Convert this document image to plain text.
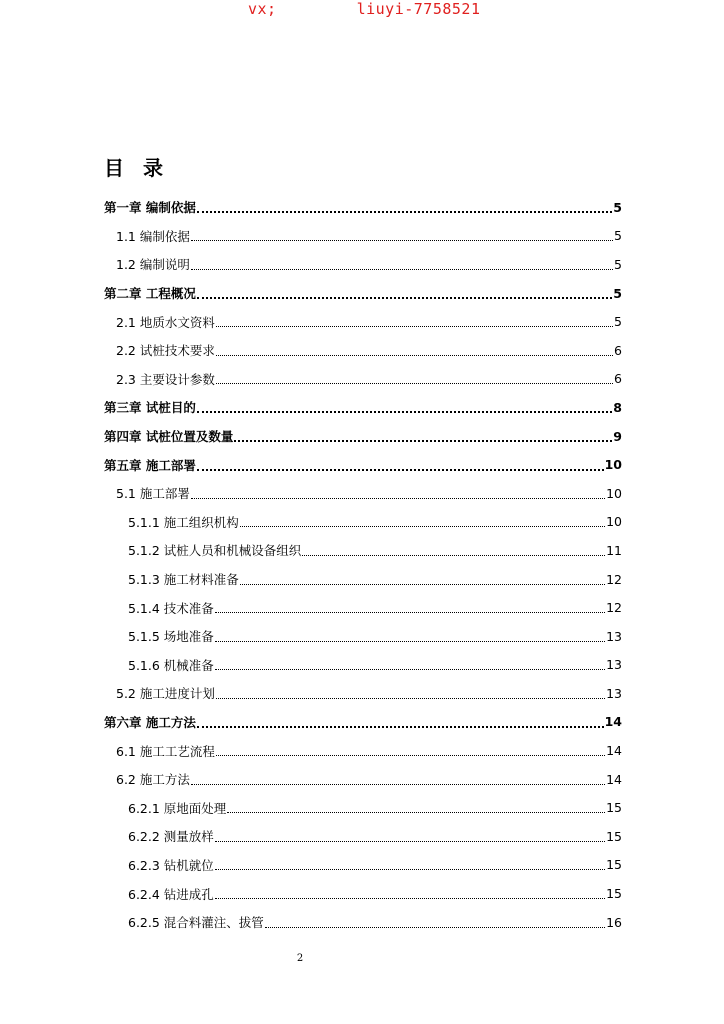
vx;	liuyi-7758521
目 录
第一章 编制依据	5
1.1 编制依据	5
1.2 编制说明	5
第二章 工程概况	5
2.1 地质水文资料	5
2.2 试桩技术要求	6
2.3 主要设计参数	6
第三章 试桩目的	8
第四章 试桩位置及数量	9
第五章 施工部署	10
5.1 施工部署	10
5.1.1 施工组织机构	10
5.1.2 试桩人员和机械设备组织	11
5.1.3 施工材料准备	12
5.1.4 技术准备	12
5.1.5 场地准备	13
5.1.6 机械准备	13
5.2 施工进度计划	13
第六章 施工方法	14
6.1 施工工艺流程	14
6.2 施工方法	14
6.2.1 原地面处理	15
6.2.2 测量放样	15
6.2.3 钻机就位	15
6.2.4 钻进成孔	15
6.2.5 混合料灌注、拔管	16
2
